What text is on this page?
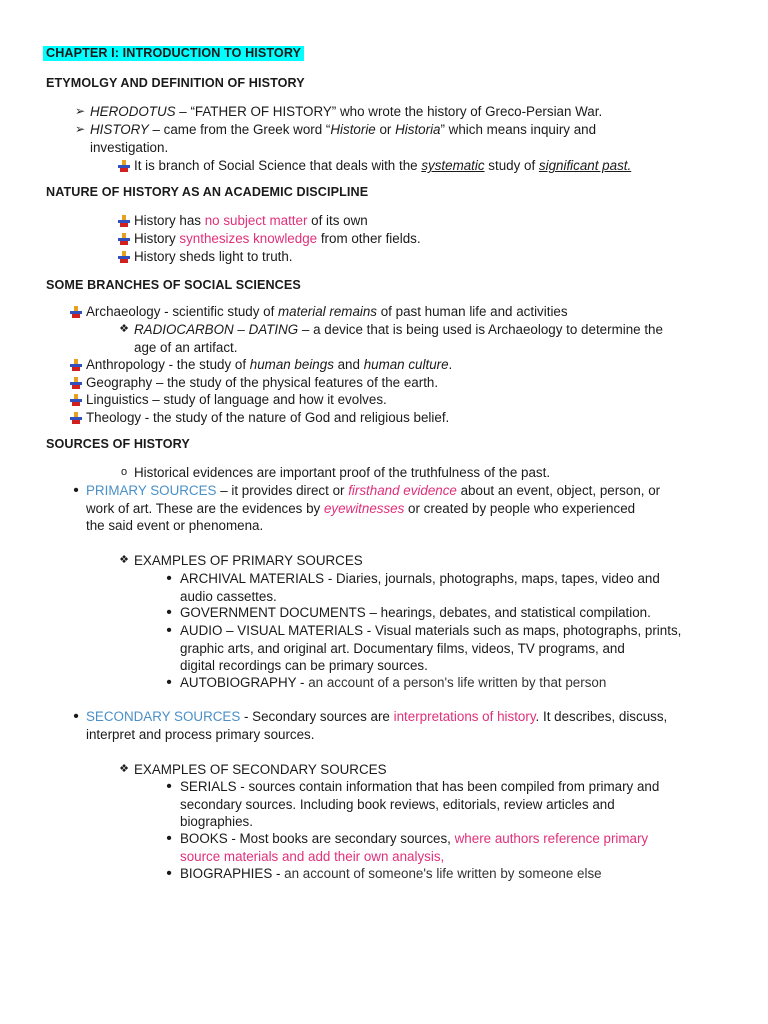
CHAPTER I: INTRODUCTION TO HISTORY
ETYMOLGY AND DEFINITION OF HISTORY
➢ HERODOTUS – “FATHER OF HISTORY” who wrote the history of Greco-Persian War.
➢ HISTORY – came from the Greek word “Historie or Historia” which means inquiry and
investigation.
It is branch of Social Science that deals with the systematic study of significant past.
NATURE OF HISTORY AS AN ACADEMIC DISCIPLINE
History has no subject matter of its own
History synthesizes knowledge from other fields.
History sheds light to truth.
SOME BRANCHES OF SOCIAL SCIENCES
Archaeology - scientific study of material remains of past human life and activities
❖ RADIOCARBON – DATING – a device that is being used is Archaeology to determine the
age of an artifact.
Anthropology - the study of human beings and human culture.
Geography – the study of the physical features of the earth.
Linguistics – study of language and how it evolves.
Theology - the study of the nature of God and religious belief.
SOURCES OF HISTORY
o Historical evidences are important proof of the truthfulness of the past.
• PRIMARY SOURCES – it provides direct or firsthand evidence about an event, object, person, or
work of art. These are the evidences by eyewitnesses or created by people who experienced
the said event or phenomena.
❖ EXAMPLES OF PRIMARY SOURCES
• ARCHIVAL MATERIALS - Diaries, journals, photographs, maps, tapes, video and
audio cassettes.
• GOVERNMENT DOCUMENTS – hearings, debates, and statistical compilation.
• AUDIO – VISUAL MATERIALS - Visual materials such as maps, photographs, prints,
graphic arts, and original art. Documentary films, videos, TV programs, and
digital recordings can be primary sources.
• AUTOBIOGRAPHY - an account of a person's life written by that person
• SECONDARY SOURCES - Secondary sources are interpretations of history. It describes, discuss,
interpret and process primary sources.
❖ EXAMPLES OF SECONDARY SOURCES
• SERIALS - sources contain information that has been compiled from primary and
secondary sources. Including book reviews, editorials, review articles and
biographies.
• BOOKS - Most books are secondary sources, where authors reference primary
source materials and add their own analysis,
• BIOGRAPHIES - an account of someone's life written by someone else
